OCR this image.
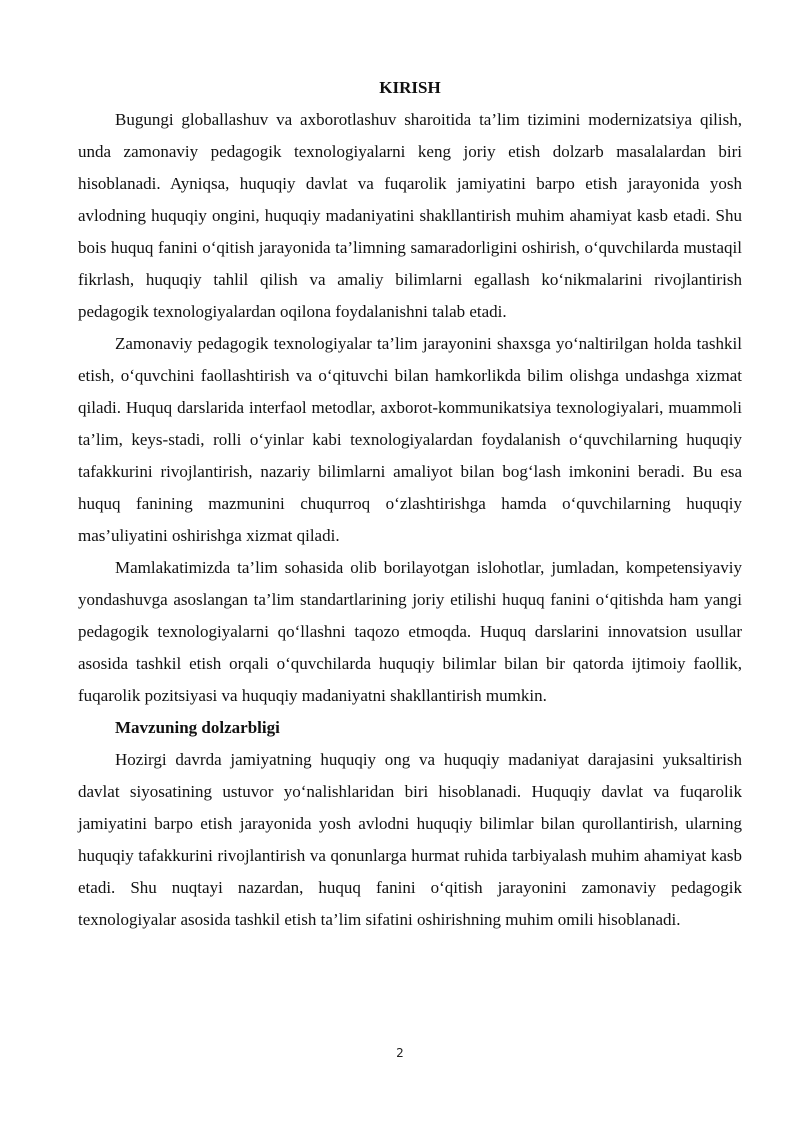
KIRISH

Bugungi globallashuv va axborotlashuv sharoitida ta’lim tizimini modernizatsiya qilish, unda zamonaviy pedagogik texnologiyalarni keng joriy etish dolzarb masalalardan biri hisoblanadi. Ayniqsa, huquqiy davlat va fuqarolik jamiyatini barpo etish jarayonida yosh avlodning huquqiy ongini, huquqiy madaniyatini shakllantirish muhim ahamiyat kasb etadi. Shu bois huquq fanini o‘qitish jarayonida ta’limning samaradorligini oshirish, o‘quvchilarda mustaqil fikrlash, huquqiy tahlil qilish va amaliy bilimlarni egallash ko‘nikmalarini rivojlantirish pedagogik texnologiyalardan oqilona foydalanishni talab etadi.

Zamonaviy pedagogik texnologiyalar ta’lim jarayonini shaxsga yo‘naltirilgan holda tashkil etish, o‘quvchini faollashtirish va o‘qituvchi bilan hamkorlikda bilim olishga undashga xizmat qiladi. Huquq darslarida interfaol metodlar, axborot-kommunikatsiya texnologiyalari, muammoli ta’lim, keys-stadi, rolli o‘yinlar kabi texnologiyalardan foydalanish o‘quvchilarning huquqiy tafakkurini rivojlantirish, nazariy bilimlarni amaliyot bilan bog‘lash imkonini beradi. Bu esa huquq fanining mazmunini chuqurroq o‘zlashtirishga hamda o‘quvchilarning huquqiy mas’uliyatini oshirishga xizmat qiladi.

Mamlakatimizda ta’lim sohasida olib borilayotgan islohotlar, jumladan, kompetensiyaviy yondashuvga asoslangan ta’lim standartlarining joriy etilishi huquq fanini o‘qitishda ham yangi pedagogik texnologiyalarni qo‘llashni taqozo etmoqda. Huquq darslarini innovatsion usullar asosida tashkil etish orqali o‘quvchilarda huquqiy bilimlar bilan bir qatorda ijtimoiy faollik, fuqarolik pozitsiyasi va huquqiy madaniyatni shakllantirish mumkin.

Mavzuning dolzarbligi

Hozirgi davrda jamiyatning huquqiy ong va huquqiy madaniyat darajasini yuksaltirish davlat siyosatining ustuvor yo‘nalishlaridan biri hisoblanadi. Huquqiy davlat va fuqarolik jamiyatini barpo etish jarayonida yosh avlodni huquqiy bilimlar bilan qurollantirish, ularning huquqiy tafakkurini rivojlantirish va qonunlarga hurmat ruhida tarbiyalash muhim ahamiyat kasb etadi. Shu nuqtayi nazardan, huquq fanini o‘qitish jarayonini zamonaviy pedagogik texnologiyalar asosida tashkil etish ta’lim sifatini oshirishning muhim omili hisoblanadi.

2
